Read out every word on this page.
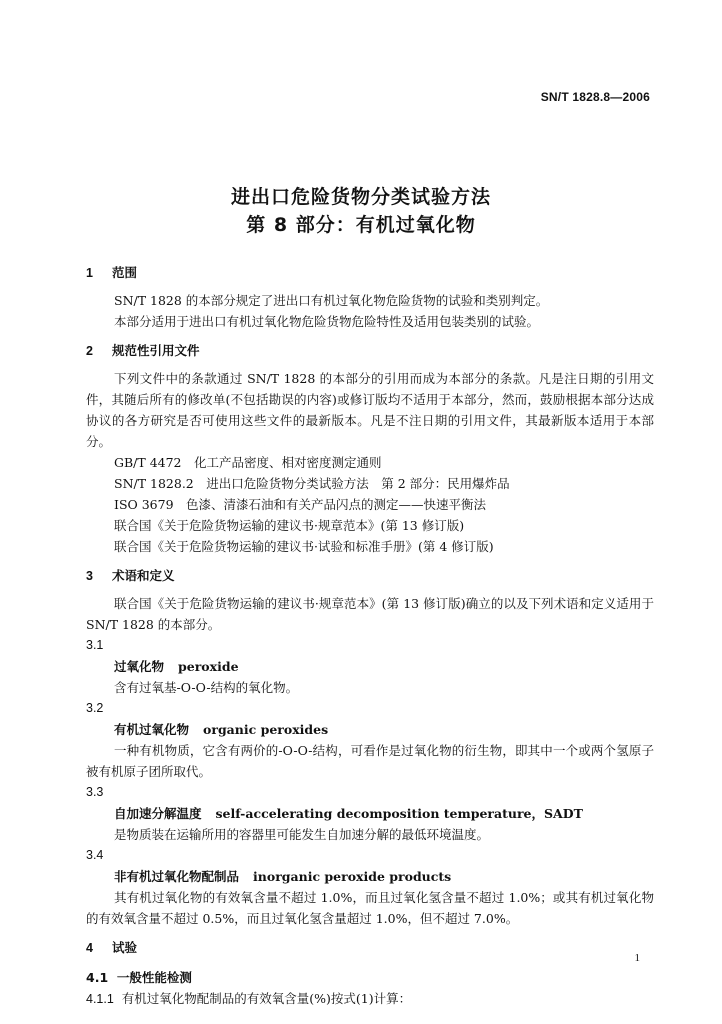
SN/T 1828.8—2006
进出口危险货物分类试验方法
第 8 部分：有机过氧化物
1 范围
SN/T 1828 的本部分规定了进出口有机过氧化物危险货物的试验和类别判定。
本部分适用于进出口有机过氧化物危险货物危险特性及适用包装类别的试验。
2 规范性引用文件
下列文件中的条款通过 SN/T 1828 的本部分的引用而成为本部分的条款。凡是注日期的引用文件，其随后所有的修改单(不包括勘误的内容)或修订版均不适用于本部分，然而，鼓励根据本部分达成协议的各方研究是否可使用这些文件的最新版本。凡是不注日期的引用文件，其最新版本适用于本部分。
GB/T 4472　化工产品密度、相对密度测定通则
SN/T 1828.2　进出口危险货物分类试验方法　第 2 部分：民用爆炸品
ISO 3679　色漆、清漆石油和有关产品闪点的测定——快速平衡法
联合国《关于危险货物运输的建议书·规章范本》(第 13 修订版)
联合国《关于危险货物运输的建议书·试验和标准手册》(第 4 修订版)
3 术语和定义
联合国《关于危险货物运输的建议书·规章范本》(第 13 修订版)确立的以及下列术语和定义适用于 SN/T 1828 的本部分。
3.1
过氧化物 peroxide
含有过氧基-O-O-结构的氧化物。
3.2
有机过氧化物 organic peroxides
一种有机物质，它含有两价的-O-O-结构，可看作是过氧化物的衍生物，即其中一个或两个氢原子被有机原子团所取代。
3.3
自加速分解温度 self-accelerating decomposition temperature，SADT
是物质装在运输所用的容器里可能发生自加速分解的最低环境温度。
3.4
非有机过氧化物配制品 inorganic peroxide products
其有机过氧化物的有效氧含量不超过 1.0%，而且过氧化氢含量不超过 1.0%；或其有机过氧化物的有效氧含量不超过 0.5%，而且过氧化氢含量超过 1.0%，但不超过 7.0%。
4 试验
4.1 一般性能检测
4.1.1 有机过氧化物配制品的有效氧含量(%)按式(1)计算：
1
